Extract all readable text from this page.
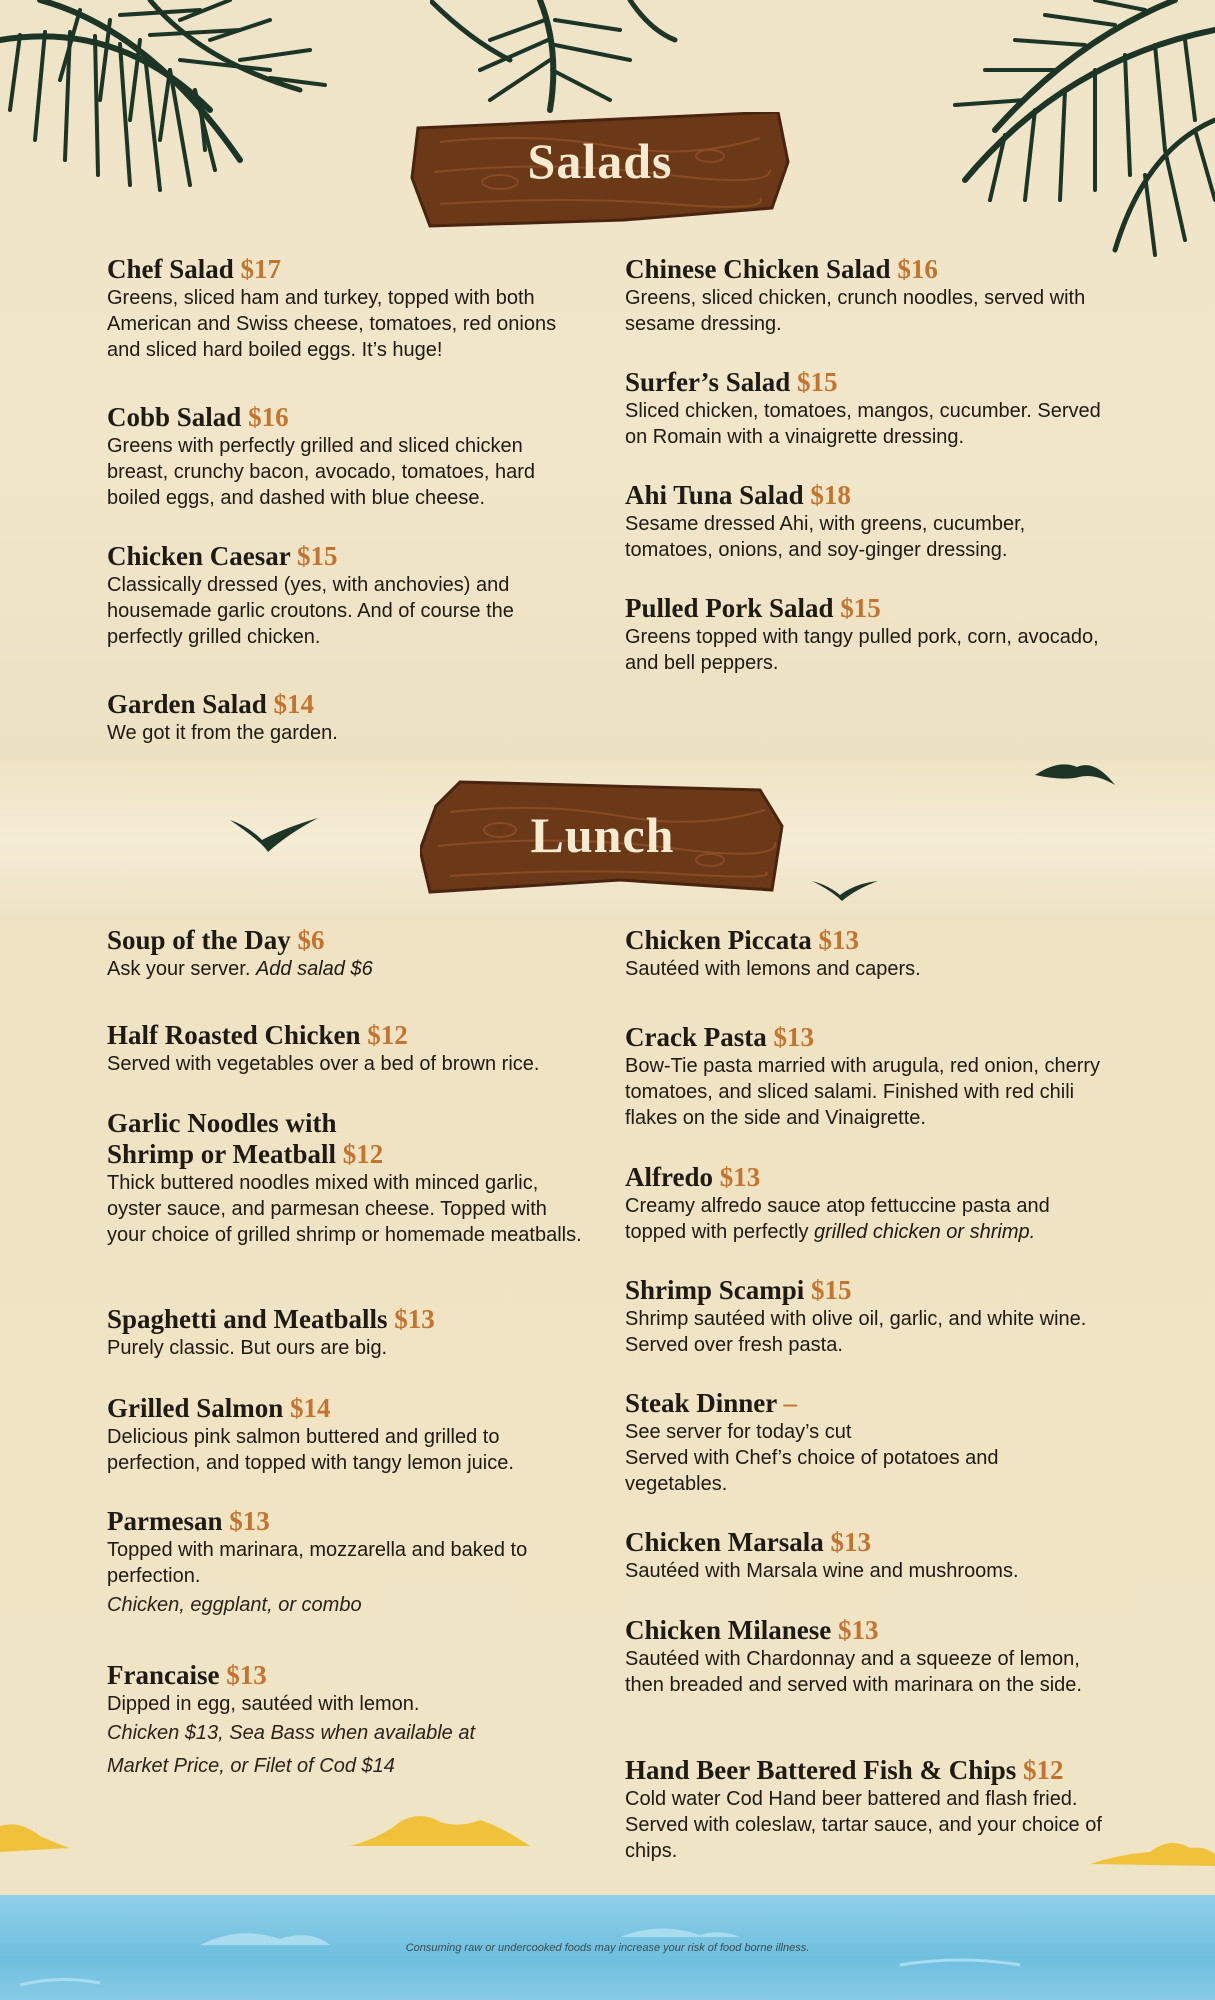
Salads
Chef Salad $17
Greens, sliced ham and turkey, topped with both American and Swiss cheese, tomatoes, red onions and sliced hard boiled eggs. It’s huge!
Cobb Salad $16
Greens with perfectly grilled and sliced chicken breast, crunchy bacon, avocado, tomatoes, hard boiled eggs, and dashed with blue cheese.
Chicken Caesar $15
Classically dressed (yes, with anchovies) and housemade garlic croutons. And of course the perfectly grilled chicken.
Garden Salad $14
We got it from the garden.
Chinese Chicken Salad $16
Greens, sliced chicken, crunch noodles, served with sesame dressing.
Surfer’s Salad $15
Sliced chicken, tomatoes, mangos, cucumber. Served on Romain with a vinaigrette dressing.
Ahi Tuna Salad $18
Sesame dressed Ahi, with greens, cucumber, tomatoes, onions, and soy-ginger dressing.
Pulled Pork Salad $15
Greens topped with tangy pulled pork, corn, avocado, and bell peppers.
Lunch
Soup of the Day $6
Ask your server. Add salad $6
Half Roasted Chicken $12
Served with vegetables over a bed of brown rice.
Garlic Noodles with
Shrimp or Meatball $12
Thick buttered noodles mixed with minced garlic, oyster sauce, and parmesan cheese. Topped with your choice of grilled shrimp or homemade meatballs.
Spaghetti and Meatballs $13
Purely classic. But ours are big.
Grilled Salmon $14
Delicious pink salmon buttered and grilled to perfection, and topped with tangy lemon juice.
Parmesan $13
Topped with marinara, mozzarella and baked to perfection.
Chicken, eggplant, or combo
Francaise $13
Dipped in egg, sautéed with lemon.
Chicken $13, Sea Bass when available at Market Price, or Filet of Cod $14
Chicken Piccata $13
Sautéed with lemons and capers.
Crack Pasta $13
Bow-Tie pasta married with arugula, red onion, cherry tomatoes, and sliced salami. Finished with red chili flakes on the side and Vinaigrette.
Alfredo $13
Creamy alfredo sauce atop fettuccine pasta and topped with perfectly grilled chicken or shrimp.
Shrimp Scampi $15
Shrimp sautéed with olive oil, garlic, and white wine. Served over fresh pasta.
Steak Dinner –
See server for today’s cut
Served with Chef’s choice of potatoes and vegetables.
Chicken Marsala $13
Sautéed with Marsala wine and mushrooms.
Chicken Milanese $13
Sautéed with Chardonnay and a squeeze of lemon, then breaded and served with marinara on the side.
Hand Beer Battered Fish & Chips $12
Cold water Cod Hand beer battered and flash fried. Served with coleslaw, tartar sauce, and your choice of chips.
Consuming raw or undercooked foods may increase your risk of food borne illness.
